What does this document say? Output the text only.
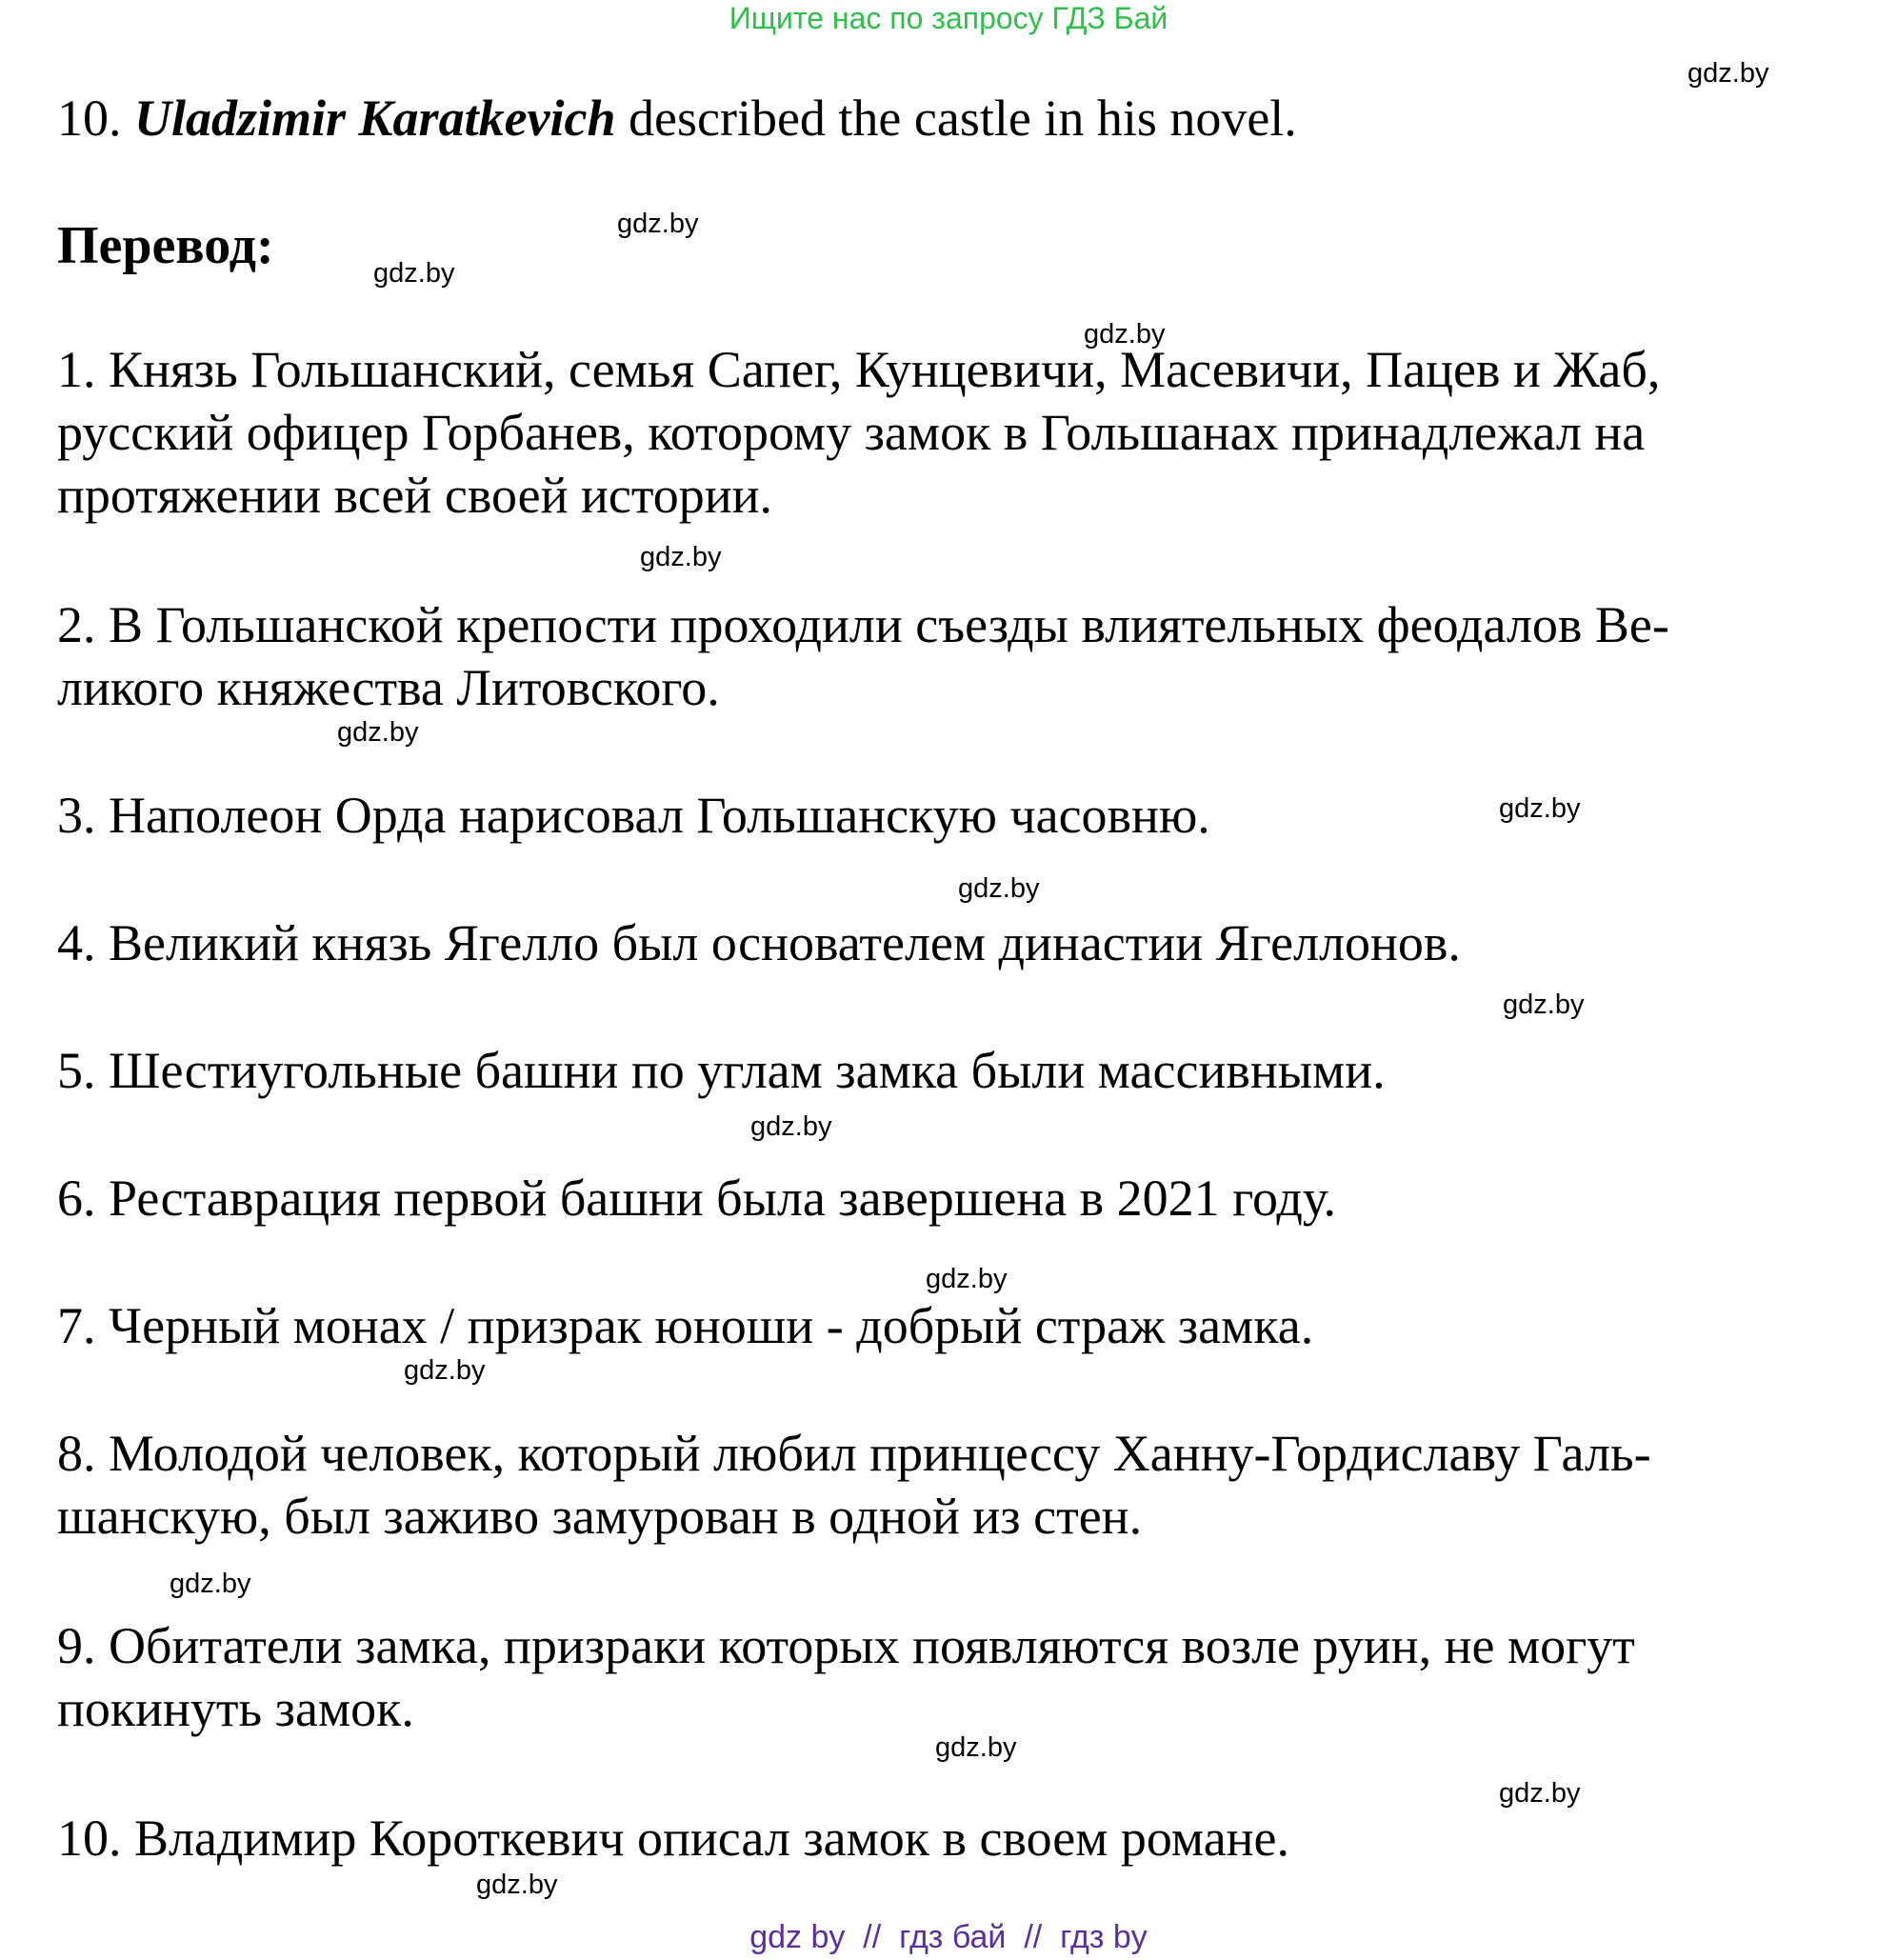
Ищите нас по запросу ГДЗ Бай
gdz.by
gdz.by
gdz.by
gdz.by
gdz.by
gdz.by
gdz.by
gdz.by
gdz.by
gdz.by
gdz.by
gdz.by
gdz.by
gdz.by
gdz.by
gdz.by
10. Uladzimir Karatkevich described the castle in his novel.
Перевод:
1. Князь Гольшанский, семья Сапег, Кунцевичи, Масевичи, Пацев и Жаб,
русский офицер Горбанев, которому замок в Гольшанах принадлежал на
протяжении всей своей истории.
2. В Гольшанской крепости проходили съезды влиятельных феодалов Ве-
ликого княжества Литовского.
3. Наполеон Орда нарисовал Гольшанскую часовню.
4. Великий князь Ягелло был основателем династии Ягеллонов.
5. Шестиугольные башни по углам замка были массивными.
6. Реставрация первой башни была завершена в 2021 году.
7. Черный монах / призрак юноши - добрый страж замка.
8. Молодой человек, который любил принцессу Ханну-Гордиславу Галь-
шанскую, был заживо замурован в одной из стен.
9. Обитатели замка, призраки которых появляются возле руин, не могут
покинуть замок.
10. Владимир Короткевич описал замок в своем романе.
gdz by  //  гдз бай  //  гдз by
